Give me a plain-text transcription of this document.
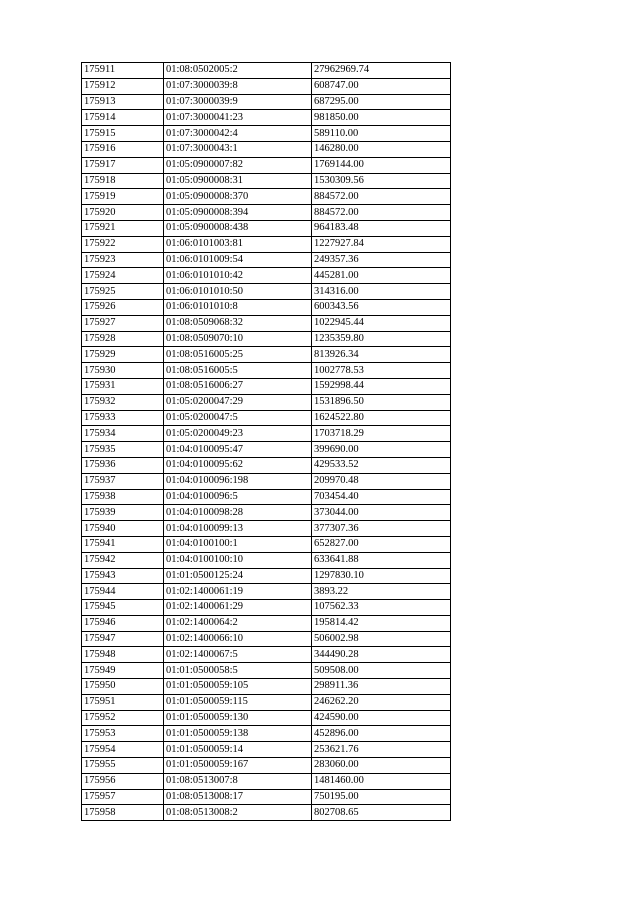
175911	01:08:0502005:2	27962969.74
175912	01:07:3000039:8	608747.00
175913	01:07:3000039:9	687295.00
175914	01:07:3000041:23	981850.00
175915	01:07:3000042:4	589110.00
175916	01:07:3000043:1	146280.00
175917	01:05:0900007:82	1769144.00
175918	01:05:0900008:31	1530309.56
175919	01:05:0900008:370	884572.00
175920	01:05:0900008:394	884572.00
175921	01:05:0900008:438	964183.48
175922	01:06:0101003:81	1227927.84
175923	01:06:0101009:54	249357.36
175924	01:06:0101010:42	445281.00
175925	01:06:0101010:50	314316.00
175926	01:06:0101010:8	600343.56
175927	01:08:0509068:32	1022945.44
175928	01:08:0509070:10	1235359.80
175929	01:08:0516005:25	813926.34
175930	01:08:0516005:5	1002778.53
175931	01:08:0516006:27	1592998.44
175932	01:05:0200047:29	1531896.50
175933	01:05:0200047:5	1624522.80
175934	01:05:0200049:23	1703718.29
175935	01:04:0100095:47	399690.00
175936	01:04:0100095:62	429533.52
175937	01:04:0100096:198	209970.48
175938	01:04:0100096:5	703454.40
175939	01:04:0100098:28	373044.00
175940	01:04:0100099:13	377307.36
175941	01:04:0100100:1	652827.00
175942	01:04:0100100:10	633641.88
175943	01:01:0500125:24	1297830.10
175944	01:02:1400061:19	3893.22
175945	01:02:1400061:29	107562.33
175946	01:02:1400064:2	195814.42
175947	01:02:1400066:10	506002.98
175948	01:02:1400067:5	344490.28
175949	01:01:0500058:5	509508.00
175950	01:01:0500059:105	298911.36
175951	01:01:0500059:115	246262.20
175952	01:01:0500059:130	424590.00
175953	01:01:0500059:138	452896.00
175954	01:01:0500059:14	253621.76
175955	01:01:0500059:167	283060.00
175956	01:08:0513007:8	1481460.00
175957	01:08:0513008:17	750195.00
175958	01:08:0513008:2	802708.65
